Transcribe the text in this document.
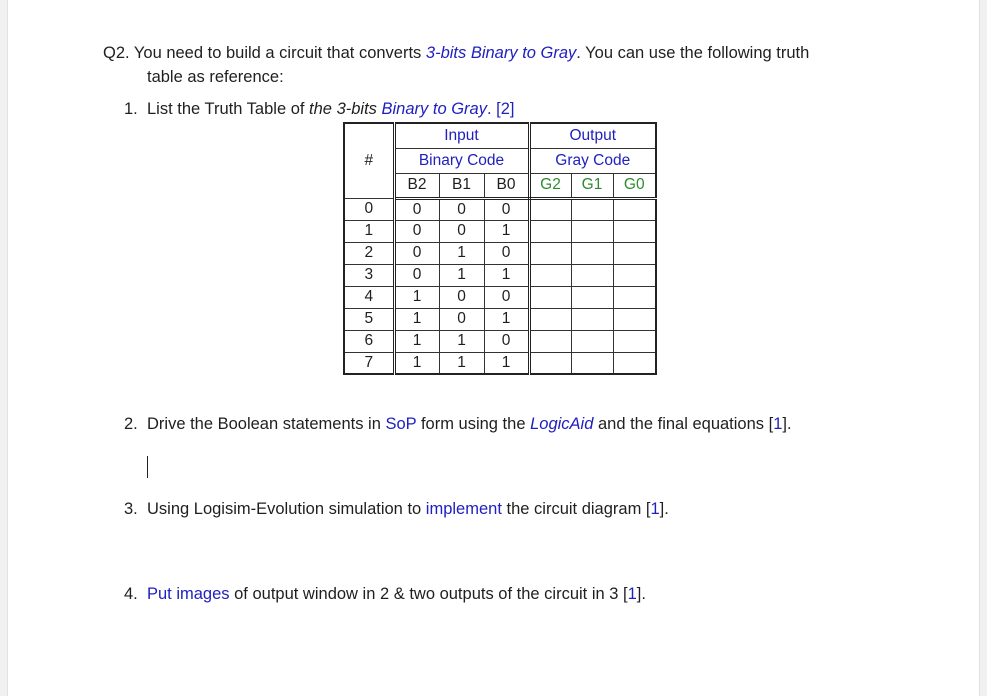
Q2. You need to build a circuit that converts 3-bits Binary to Gray. You can use the following truth
table as reference:
1. List the Truth Table of the 3-bits Binary to Gray. [2]
#	Input			Output		
	Binary Code			Gray Code		
	B2	B1	B0	G2	G1	G0
0	0	0	0			
1	0	0	1			
2	0	1	0			
3	0	1	1			
4	1	0	0			
5	1	0	1			
6	1	1	0			
7	1	1	1			
2. Drive the Boolean statements in SoP form using the LogicAid and the final equations [1].
3. Using Logisim-Evolution simulation to implement the circuit diagram [1].
4. Put images of output window in 2 & two outputs of the circuit in 3 [1].
